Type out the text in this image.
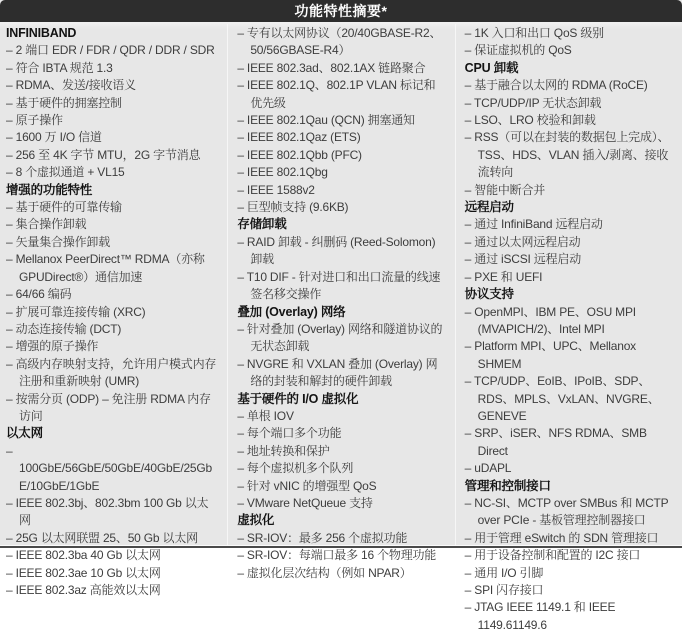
功能特性摘要*
INFINIBAND
– 2 端口 EDR / FDR / QDR / DDR / SDR
– 符合 IBTA 规范 1.3
– RDMA、发送/接收语义
– 基于硬件的拥塞控制
– 原子操作
– 1600 万 I/O 信道
– 256 至 4K 字节 MTU，2G 字节消息
– 8 个虚拟通道 + VL15
增强的功能特性
– 基于硬件的可靠传输
– 集合操作卸载
– 矢量集合操作卸载
– Mellanox PeerDirect™ RDMA（亦称 GPUDirect®）通信加速
– 64/66 编码
– 扩展可靠连接传输 (XRC)
– 动态连接传输 (DCT)
– 增强的原子操作
– 高级内存映射支持，允许用户模式内存注册和重新映射 (UMR)
– 按需分页 (ODP) – 免注册 RDMA 内存访问
以太网
– 100GbE/56GbE/50GbE/40GbE/25GbE/10GbE/1GbE
– IEEE 802.3bj、802.3bm 100 Gb 以太网
– 25G 以太网联盟 25、50 Gb 以太网
– IEEE 802.3ba 40 Gb 以太网
– IEEE 802.3ae 10 Gb 以太网
– IEEE 802.3az 高能效以太网
– 专有以太网协议（20/40GBASE-R2、50/56GBASE-R4）
– IEEE 802.3ad、802.1AX 链路聚合
– IEEE 802.1Q、802.1P VLAN 标记和优先级
– IEEE 802.1Qau (QCN) 拥塞通知
– IEEE 802.1Qaz (ETS)
– IEEE 802.1Qbb (PFC)
– IEEE 802.1Qbg
– IEEE 1588v2
– 巨型帧支持 (9.6KB)
存储卸载
– RAID 卸载 - 纠删码 (Reed-Solomon) 卸载
– T10 DIF - 针对进口和出口流量的线速签名移交操作
叠加 (Overlay) 网络
– 针对叠加 (Overlay) 网络和隧道协议的无状态卸载
– NVGRE 和 VXLAN 叠加 (Overlay) 网络的封装和解封的硬件卸载
基于硬件的 I/O 虚拟化
– 单根 IOV
– 每个端口多个功能
– 地址转换和保护
– 每个虚拟机多个队列
– 针对 vNIC 的增强型 QoS
– VMware NetQueue 支持
虚拟化
– SR-IOV：最多 256 个虚拟功能
– SR-IOV：每端口最多 16 个物理功能
– 虚拟化层次结构（例如 NPAR）
– 1K 入口和出口 QoS 级别
– 保证虚拟机的 QoS
CPU 卸载
– 基于融合以太网的 RDMA (RoCE)
– TCP/UDP/IP 无状态卸载
– LSO、LRO 校验和卸载
– RSS（可以在封装的数据包上完成）、TSS、HDS、VLAN 插入/剥离、接收流转向
– 智能中断合并
远程启动
– 通过 InfiniBand 远程启动
– 通过以太网远程启动
– 通过 iSCSI 远程启动
– PXE 和 UEFI
协议支持
– OpenMPI、IBM PE、OSU MPI (MVAPICH/2)、Intel MPI
– Platform MPI、UPC、Mellanox SHMEM
– TCP/UDP、EoIB、IPoIB、SDP、RDS、MPLS、VxLAN、NVGRE、GENEVE
– SRP、iSER、NFS RDMA、SMB Direct
– uDAPL
管理和控制接口
– NC-SI、MCTP over SMBus 和 MCTP over PCIe - 基板管理控制器接口
– 用于管理 eSwitch 的 SDN 管理接口
– 用于设备控制和配置的 I2C 接口
– 通用 I/O 引脚
– SPI 闪存接口
– JTAG IEEE 1149.1 和 IEEE 1149.61149.6
